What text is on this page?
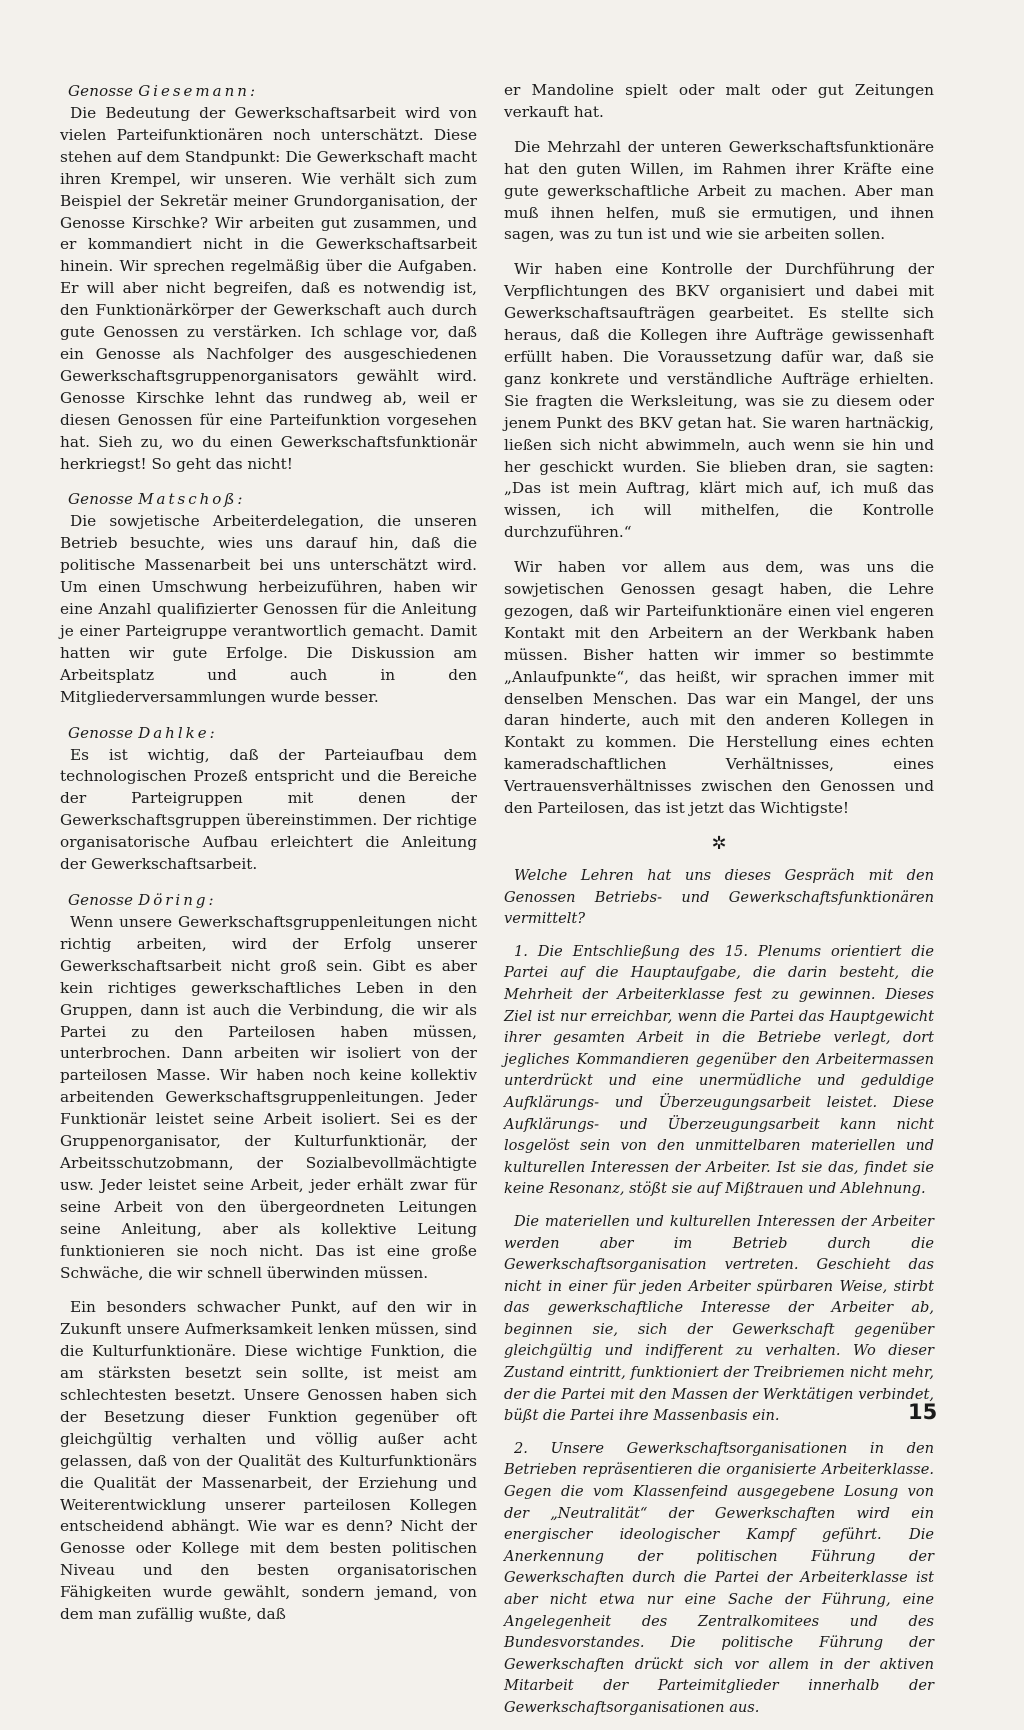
Genosse Giesemann:

Die Bedeutung der Gewerkschaftsarbeit wird von vielen Parteifunktionären noch unterschätzt. Diese stehen auf dem Standpunkt: Die Gewerkschaft macht ihren Krempel, wir unseren. Wie verhält sich zum Beispiel der Sekretär meiner Grundorganisation, der Genosse Kirschke? Wir arbeiten gut zusammen, und er kommandiert nicht in die Gewerkschaftsarbeit hinein. Wir sprechen regelmäßig über die Aufgaben. Er will aber nicht begreifen, daß es notwendig ist, den Funktionärkörper der Gewerkschaft auch durch gute Genossen zu verstärken. Ich schlage vor, daß ein Genosse als Nachfolger des ausgeschiedenen Gewerkschaftsgruppenorganisators gewählt wird. Genosse Kirschke lehnt das rundweg ab, weil er diesen Genossen für eine Parteifunktion vorgesehen hat. Sieh zu, wo du einen Gewerkschaftsfunktionär herkriegst! So geht das nicht!

Genosse Matschoß:

Die sowjetische Arbeiterdelegation, die unseren Betrieb besuchte, wies uns darauf hin, daß die politische Massenarbeit bei uns unterschätzt wird. Um einen Umschwung herbeizuführen, haben wir eine Anzahl qualifizierter Genossen für die Anleitung je einer Parteigruppe verantwortlich gemacht. Damit hatten wir gute Erfolge. Die Diskussion am Arbeitsplatz und auch in den Mitgliederversammlungen wurde besser.

Genosse Dahlke:

Es ist wichtig, daß der Parteiaufbau dem technologischen Prozeß entspricht und die Bereiche der Parteigruppen mit denen der Gewerkschaftsgruppen übereinstimmen. Der richtige organisatorische Aufbau erleichtert die Anleitung der Gewerkschaftsarbeit.

Genosse Döring:

Wenn unsere Gewerkschaftsgruppenleitungen nicht richtig arbeiten, wird der Erfolg unserer Gewerkschaftsarbeit nicht groß sein. Gibt es aber kein richtiges gewerkschaftliches Leben in den Gruppen, dann ist auch die Verbindung, die wir als Partei zu den Parteilosen haben müssen, unterbrochen. Dann arbeiten wir isoliert von der parteilosen Masse. Wir haben noch keine kollektiv arbeitenden Gewerkschaftsgruppenleitungen. Jeder Funktionär leistet seine Arbeit isoliert. Sei es der Gruppenorganisator, der Kulturfunktionär, der Arbeitsschutzobmann, der Sozialbevollmächtigte usw. Jeder leistet seine Arbeit, jeder erhält zwar für seine Arbeit von den übergeordneten Leitungen seine Anleitung, aber als kollektive Leitung funktionieren sie noch nicht. Das ist eine große Schwäche, die wir schnell überwinden müssen.

Ein besonders schwacher Punkt, auf den wir in Zukunft unsere Aufmerksamkeit lenken müssen, sind die Kulturfunktionäre. Diese wichtige Funktion, die am stärksten besetzt sein sollte, ist meist am schlechtesten besetzt. Unsere Genossen haben sich der Besetzung dieser Funktion gegenüber oft gleichgültig verhalten und völlig außer acht gelassen, daß von der Qualität des Kulturfunktionärs die Qualität der Massenarbeit, der Erziehung und Weiterentwicklung unserer parteilosen Kollegen entscheidend abhängt. Wie war es denn? Nicht der Genosse oder Kollege mit dem besten politischen Niveau und den besten organisatorischen Fähigkeiten wurde gewählt, sondern jemand, von dem man zufällig wußte, daß

er Mandoline spielt oder malt oder gut Zeitungen verkauft hat.

Die Mehrzahl der unteren Gewerkschaftsfunktionäre hat den guten Willen, im Rahmen ihrer Kräfte eine gute gewerkschaftliche Arbeit zu machen. Aber man muß ihnen helfen, muß sie ermutigen, und ihnen sagen, was zu tun ist und wie sie arbeiten sollen.

Wir haben eine Kontrolle der Durchführung der Verpflichtungen des BKV organisiert und dabei mit Gewerkschaftsaufträgen gearbeitet. Es stellte sich heraus, daß die Kollegen ihre Aufträge gewissenhaft erfüllt haben. Die Voraussetzung dafür war, daß sie ganz konkrete und verständliche Aufträge erhielten. Sie fragten die Werksleitung, was sie zu diesem oder jenem Punkt des BKV getan hat. Sie waren hartnäckig, ließen sich nicht abwimmeln, auch wenn sie hin und her geschickt wurden. Sie blieben dran, sie sagten: „Das ist mein Auftrag, klärt mich auf, ich muß das wissen, ich will mithelfen, die Kontrolle durchzuführen.“

Wir haben vor allem aus dem, was uns die sowjetischen Genossen gesagt haben, die Lehre gezogen, daß wir Parteifunktionäre einen viel engeren Kontakt mit den Arbeitern an der Werkbank haben müssen. Bisher hatten wir immer so bestimmte „Anlaufpunkte“, das heißt, wir sprachen immer mit denselben Menschen. Das war ein Mangel, der uns daran hinderte, auch mit den anderen Kollegen in Kontakt zu kommen. Die Herstellung eines echten kameradschaftlichen Verhältnisses, eines Vertrauensverhältnisses zwischen den Genossen und den Parteilosen, das ist jetzt das Wichtigste!

✲

Welche Lehren hat uns dieses Gespräch mit den Genossen Betriebs- und Gewerkschaftsfunktionären vermittelt?

1. Die Entschließung des 15. Plenums orientiert die Partei auf die Hauptaufgabe, die darin besteht, die Mehrheit der Arbeiterklasse fest zu gewinnen. Dieses Ziel ist nur erreichbar, wenn die Partei das Hauptgewicht ihrer gesamten Arbeit in die Betriebe verlegt, dort jegliches Kommandieren gegenüber den Arbeitermassen unterdrückt und eine unermüdliche und geduldige Aufklärungs- und Überzeugungsarbeit leistet. Diese Aufklärungs- und Überzeugungsarbeit kann nicht losgelöst sein von den unmittelbaren materiellen und kulturellen Interessen der Arbeiter. Ist sie das, findet sie keine Resonanz, stößt sie auf Mißtrauen und Ablehnung.

Die materiellen und kulturellen Interessen der Arbeiter werden aber im Betrieb durch die Gewerkschaftsorganisation vertreten. Geschieht das nicht in einer für jeden Arbeiter spürbaren Weise, stirbt das gewerkschaftliche Interesse der Arbeiter ab, beginnen sie, sich der Gewerkschaft gegenüber gleichgültig und indifferent zu verhalten. Wo dieser Zustand eintritt, funktioniert der Treibriemen nicht mehr, der die Partei mit den Massen der Werktätigen verbindet, büßt die Partei ihre Massenbasis ein.

2. Unsere Gewerkschaftsorganisationen in den Betrieben repräsentieren die organisierte Arbeiterklasse. Gegen die vom Klassenfeind ausgegebene Losung von der „Neutralität“ der Gewerkschaften wird ein energischer ideologischer Kampf geführt. Die Anerkennung der politischen Führung der Gewerkschaften durch die Partei der Arbeiterklasse ist aber nicht etwa nur eine Sache der Führung, eine Angelegenheit des Zentralkomitees und des Bundesvorstandes. Die politische Führung der Gewerkschaften drückt sich vor allem in der aktiven Mitarbeit der Parteimitglieder innerhalb der Gewerkschaftsorganisationen aus.

15
